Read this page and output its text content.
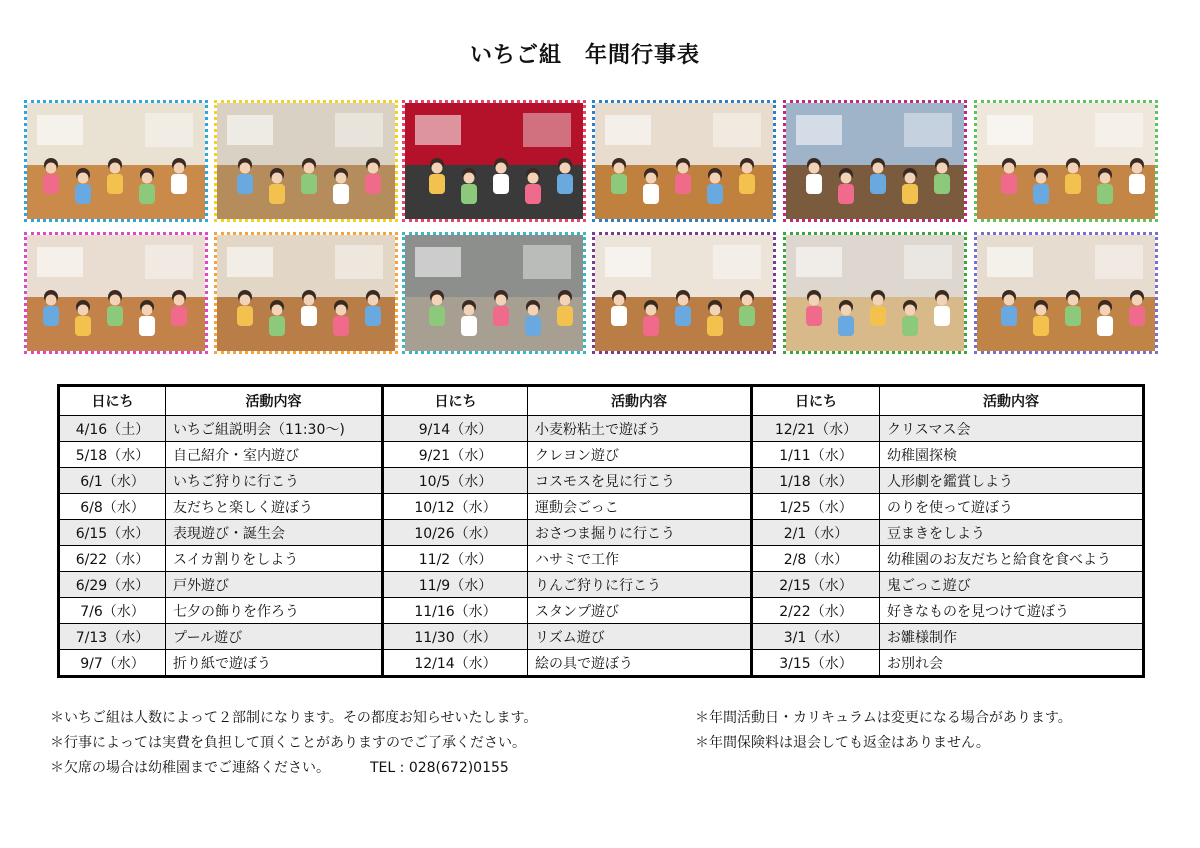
いちご組　年間行事表
日にち	活動内容	日にち	活動内容	日にち	活動内容
4/16（土）	いちご組説明会（11:30〜)	9/14（水）	小麦粉粘土で遊ぼう	12/21（水）	クリスマス会
5/18（水）	自己紹介・室内遊び	9/21（水）	クレヨン遊び	1/11（水）	幼稚園探検
6/1（水）	いちご狩りに行こう	10/5（水）	コスモスを見に行こう	1/18（水）	人形劇を鑑賞しよう
6/8（水）	友だちと楽しく遊ぼう	10/12（水）	運動会ごっこ	1/25（水）	のりを使って遊ぼう
6/15（水）	表現遊び・誕生会	10/26（水）	おさつま掘りに行こう	2/1（水）	豆まきをしよう
6/22（水）	スイカ割りをしよう	11/2（水）	ハサミで工作	2/8（水）	幼稚園のお友だちと給食を食べよう
6/29（水）	戸外遊び	11/9（水）	りんご狩りに行こう	2/15（水）	鬼ごっこ遊び
7/6（水）	七夕の飾りを作ろう	11/16（水）	スタンプ遊び	2/22（水）	好きなものを見つけて遊ぼう
7/13（水）	プール遊び	11/30（水）	リズム遊び	3/1（水）	お雛様制作
9/7（水）	折り紙で遊ぼう	12/14（水）	絵の具で遊ぼう	3/15（水）	お別れ会
＊いちご組は人数によって２部制になります。その都度お知らせいたします。
＊行事によっては実費を負担して頂くことがありますのでご了承ください。
＊欠席の場合は幼稚園までご連絡ください。	TEL : 028(672)0155
＊年間活動日・カリキュラムは変更になる場合があります。
＊年間保険料は退会しても返金はありません。
